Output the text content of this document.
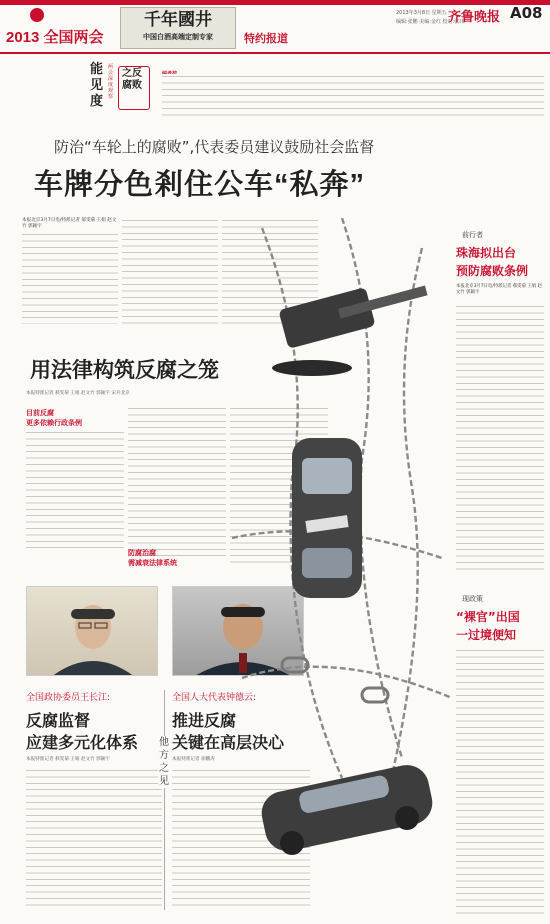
2013 全国两会
千年國井
中国白酒高端定制专家	特约报道
2013年3月8日 星期五
编辑:张鹏 美编:金红 校对:张玮
齐鲁晚报 A08
能见度
两会深度观察
之反腐败
防治“车轮上的腐败”,代表委员建议鼓励社会监督
车牌分色剎住公车“私奔”
本报北京3月7日电/特派记者 郝雯菊 王娟 赵文竹 郭颖宇
用法律构筑反腐之笼
本报特派记者 郝雯菊 王娟 赵文竹 郭颖宇 宋开北京
目前反腐
更多依赖行政条例
防腐治腐
需减衰法律系统
全国政协委员王长江:
反腐监督
应建多元化体系
本报特派记者 郝雯菊 王娟 赵文竹 郭颖宇
他方之见
全国人大代表钟德云:
推进反腐
关键在高层决心
本报特派记者 徐鹏涛
前行者
珠海拟出台
预防腐败条例
本报北京3月7日电/特派记者 郝雯菊 王娟 赵文竹 郭颖宇
现政策
“裸官”出国
一过境便知
